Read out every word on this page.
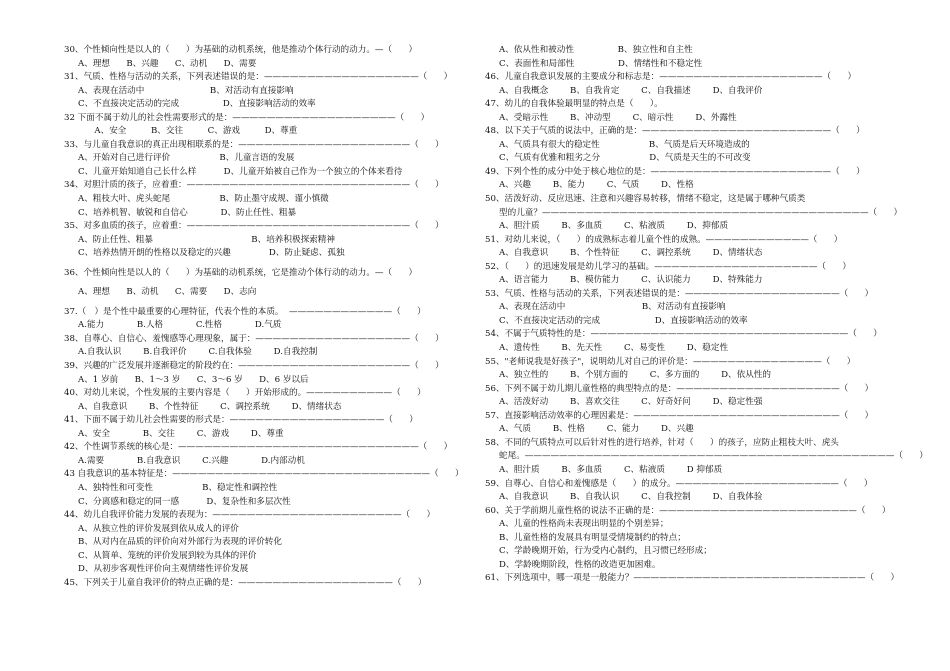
30、个性倾向性是以人的（      ）为基础的动机系统，他是推动个体行动的动力。—（      ）
A、理想      B、兴趣      C、动机      D、需要
31、气质、性格与活动的关系，下列表述错误的是：——————————————————（      ）
A、表现在活动中                        B、对活动有直接影响
C、不直接决定活动的完成                D、直接影响活动的效率
32 下面不属于幼儿的社会性需要形式的是：———————————————————（      ）
A、安全         B、交往         C、游戏         D、尊重
33、与儿童自我意识的真正出现相联系的是：————————————————————（      ）
A、开始对自己进行评价                  B、儿童言语的发展
C、儿童开始知道自己长什么样          D、儿童开始被自己作为一个独立的个体来看待
34、对胆汁质的孩子，应着重：——————————————————————————（      ）
A、粗枝大叶、虎头蛇尾                  B、防止墨守成规、谨小慎微
C、培养机智、敏锐和自信心            D、防止任性、粗暴
35、对多血质的孩子，应着重：——————————————————————————（      ）
A、防止任性、粗暴                                    B、培养积极探索精神
C、培养热情开朗的性格以及稳定的兴趣              D、防止疑虑、孤独
36、个性倾向性是以人的（      ）为基础的动机系统，它是推动个体行动的动力。—（      ）
A、理想      B、动机      C、需要      D、志向
37.（   ）是个性中最重要的心理特征，代表个性的本质。  ————————————（      ）
A.能力            B.人格            C.性格            D.气质
38、自尊心、自信心、羞愧感等心理现象，属于：——————————————————（      ）
A.自我认识        B.自我评价        C.自我体验        D.自我控制
39、兴趣的广泛发展并逐渐稳定的阶段约在：————————————————————（      ）
A、1 岁前      B、1～3 岁      C、3～6 岁      D、6 岁以后
40、对幼儿来说，个性发展的主要内容是（      ）开始形成的。——————————（      ）
A、自我意识        B、个性特征        C、调控系统        D、情绪状态
41、下面不属于幼儿社会性需要的形式是：——————————————————（      ）
A、安全            B、交往        C、游戏        D、尊重
42、个性调节系统的核心是：————————————————————————————（      ）
A.需要            B.自我意识        C.兴趣            D.内部动机
43 自我意识的基本特征是：——————————————————————————————（      ）
A、独特性和可变性                  B、稳定性和调控性
C、分离感和稳定的同一感          D、复杂性和多层次性
44、幼儿自我评价能力发展的表现为：——————————————————————（      ）
A、从独立性的评价发展到依从成人的评价
B、从对内在品质的评价向对外部行为表现的评价转化
C、从简单、笼统的评价发展到较为具体的评价
D、从初步客观性评价向主观情绪性评价发展
45、下列关于儿童自我评价的特点正确的是：——————————————————（      ）
A、依从性和被动性                B、独立性和自主性
C、表面性和局部性                D、情绪性和不稳定性
46、儿童自我意识发展的主要成分和标志是：———————————————————（      ）
A、自我概念        B、自我肯定        C、自我描述        D、自我评价
47、幼儿的自我体验最明显的特点是（      ）。
A、受暗示性        B、冲动型        C、暗示性        D、外露性
48、以下关于气质的说法中，正确的是：——————————————————————（      ）
A、气质具有很大的稳定性                  B、气质是后天环境造成的
C、气质有优雅和粗劣之分                  D、气质是天生的不可改变
49、下列个性的成分中处于核心地位的是：—————————————————————（      ）
A、兴趣        B、能力        C、气质        D、性格
50、活泼好动、反应迅速、注意和兴趣容易转移，情绪不稳定，这是属于哪种气质类
型的儿童？——————————————————————————————————————（      ）
A、胆汁质        B、多血质        C、粘液质        D、抑郁质
51、对幼儿来说，（      ）的成熟标志着儿童个性的成熟。————————————（      ）
A、自我意识        B、个性特征        C、调控系统        D、情绪状态
52、（      ）的迅速发展是幼儿学习的基础。———————————————————（      ）
A、语言能力        B、模仿能力        C、认识能力        D、特殊能力
53、气质、性格与活动的关系，下列表述错误的是：——————————————————（      ）
A、表现在活动中                            B、对活动有直接影响
C、不直接决定活动的完成                    D、直接影响活动的效率
54、不属于气质特性的是：——————————————————————————————（      ）
A、遗传性        B、先天性        C、易变性        D、稳定性
55、"老师说我是好孩子"，说明幼儿对自己的评价是：———————————————（      ）
A、独立性的        B、个别方面的        C、多方面的        D、依从性的
56、下列不属于幼儿期儿童性格的典型特点的是：———————————————————（      ）
A、活泼好动        B、喜欢交往        C、好奇好问        D、稳定性强
57、直接影响活动效率的心理因素是：————————————————————————（      ）
A、气质        B、性格        C、能力        D、兴趣
58、不同的气质特点可以后针对性的进行培养，针对（      ）的孩子，应防止粗枝大叶、虎头
蛇尾。———————————————————————————————————————————（      ）
A、胆汁质        B、多血质        C、粘液质        D 抑郁质
59、自尊心、自信心和羞愧感是（      ）的成分。———————————————————（      ）
A、自我意识        B、自我认识        C、自我控制        D、自我体验
60、关于学前期儿童性格的说法不正确的是：———————————————————————（      ）
A、儿童的性格尚未表现出明显的个别差异；
B、儿童性格的发展具有明显受情境制约的特点；
C、学龄晚期开始，行为受内心制约，且习惯已经形成；
D、学龄晚期阶段，性格的改造更加困难。
61、下列选项中，哪一项是一般能力？———————————————————————————（      ）
